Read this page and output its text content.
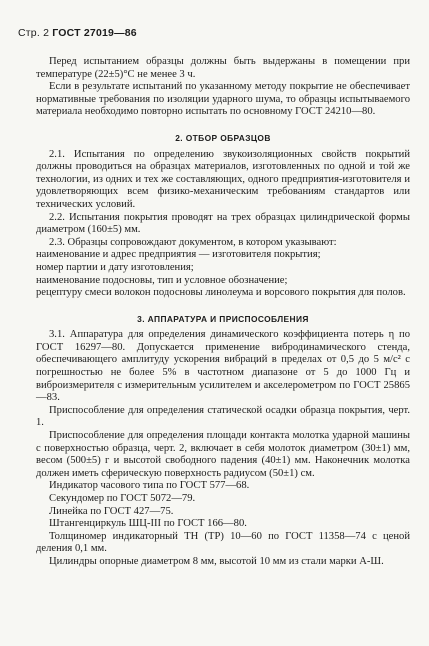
Стр. 2 ГОСТ 27019—86

Перед испытанием образцы должны быть выдержаны в помещении при температуре (22±5)°C не менее 3 ч.

Если в результате испытаний по указанному методу покрытие не обеспечивает нормативные требования по изоляции ударного шума, то образцы испытываемого материала необходимо повторно испытать по основному ГОСТ 24210—80.

2. ОТБОР ОБРАЗЦОВ

2.1. Испытания по определению звукоизоляционных свойств покрытий должны проводиться на образцах материалов, изготовленных по одной и той же технологии, из одних и тех же составляющих, одного предприятия-изготовителя и удовлетворяющих всем физико-механическим требованиям стандартов или технических условий.

2.2. Испытания покрытия проводят на трех образцах цилиндрической формы диаметром (160±5) мм.

2.3. Образцы сопровождают документом, в котором указывают:

наименование и адрес предприятия — изготовителя покрытия;

номер партии и дату изготовления;

наименование подосновы, тип и условное обозначение;

рецептуру смеси волокон подосновы линолеума и ворсового покрытия для полов.

3. АППАРАТУРА И ПРИСПОСОБЛЕНИЯ

3.1. Аппаратура для определения динамического коэффициента потерь η по ГОСТ 16297—80. Допускается применение вибродинамического стенда, обеспечивающего амплитуду ускорения вибраций в пределах от 0,5 до 5 м/с² с погрешностью не более 5% в частотном диапазоне от 5 до 1000 Гц и виброизмерителя с измерительным усилителем и акселерометром по ГОСТ 25865—83.

Приспособление для определения статической осадки образца покрытия, черт. 1.

Приспособление для определения площади контакта молотка ударной машины с поверхностью образца, черт. 2, включает в себя молоток диаметром (30±1) мм, весом (500±5) г и высотой свободного падения (40±1) мм. Наконечник молотка должен иметь сферическую поверхность радиусом (50±1) см.

Индикатор часового типа по ГОСТ 577—68.

Секундомер по ГОСТ 5072—79.

Линейка по ГОСТ 427—75.

Штангенциркуль ШЦ-III по ГОСТ 166—80.

Толщиномер индикаторный ТН (ТР) 10—60 по ГОСТ 11358—74 с ценой деления 0,1 мм.

Цилиндры опорные диаметром 8 мм, высотой 10 мм из стали марки А-Ш.
